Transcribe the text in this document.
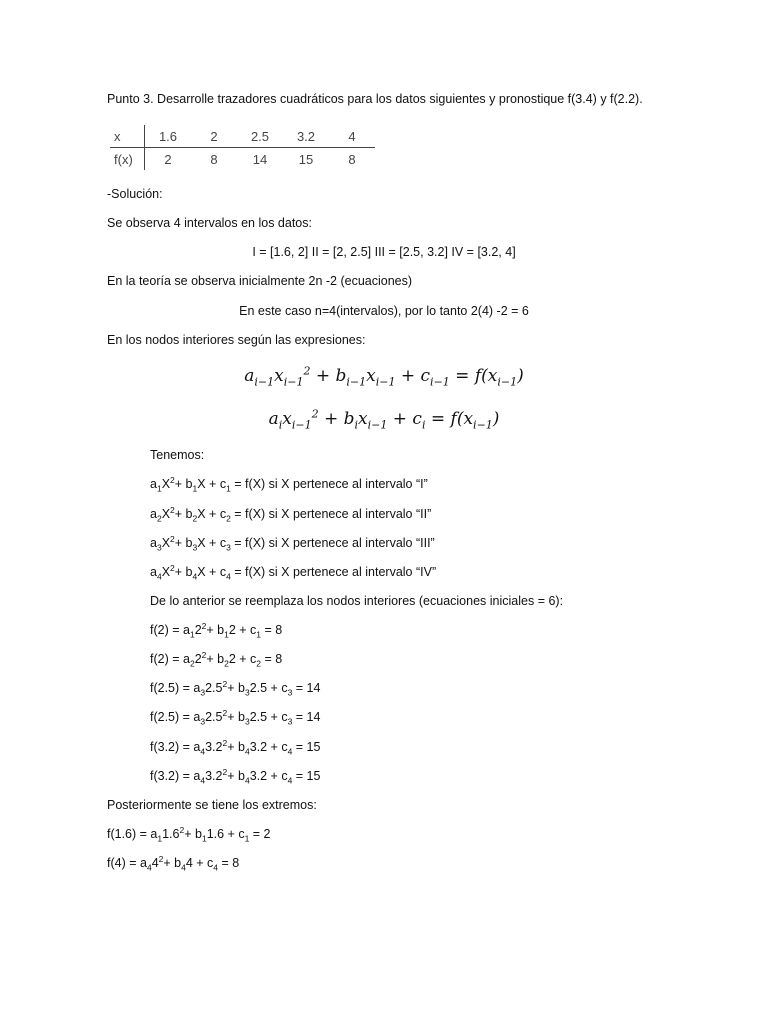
Punto 3. Desarrolle trazadores cuadráticos para los datos siguientes y pronostique f(3.4) y f(2.2).
x	1.6	2	2.5	3.2	4
f(x)	2	8	14	15	8
-Solución:
Se observa 4 intervalos en los datos:
I = [1.6, 2] II = [2, 2.5] III = [2.5, 3.2] IV = [3.2, 4]
En la teoría se observa inicialmente 2n -2 (ecuaciones)
En este caso n=4(intervalos), por lo tanto 2(4) -2 = 6
En los nodos interiores según las expresiones:
$a_{i-1}x_{i-1}^2 + b_{i-1}x_{i-1} + c_{i-1} = f(x_{i-1})$
$a_ix_{i-1}^2 + b_ix_{i-1} + c_i = f(x_{i-1})$
Tenemos:
$a_1X^2+ b_1X + c_1 = f(X)$ si X pertenece al intervalo “I”
$a_2X^2+ b_2X + c_2 = f(X)$ si X pertenece al intervalo “II”
$a_3X^2+ b_3X + c_3 = f(X)$ si X pertenece al intervalo “III”
$a_4X^2+ b_4X + c_4 = f(X)$ si X pertenece al intervalo “IV”
De lo anterior se reemplaza los nodos interiores (ecuaciones iniciales = 6):
$f(2) = a_12^2+ b_12 + c_1 = 8$
$f(2) = a_22^2+ b_22 + c_2 = 8$
$f(2.5) = a_32.5^2+ b_32.5 + c_3 = 14$
$f(2.5) = a_32.5^2+ b_32.5 + c_3 = 14$
$f(3.2) = a_43.2^2+ b_43.2 + c_4 = 15$
$f(3.2) = a_43.2^2+ b_43.2 + c_4 = 15$
Posteriormente se tiene los extremos:
$f(1.6) = a_11.6^2+ b_11.6 + c_1 = 2$
$f(4) = a_44^2+ b_44 + c_4 = 8$
